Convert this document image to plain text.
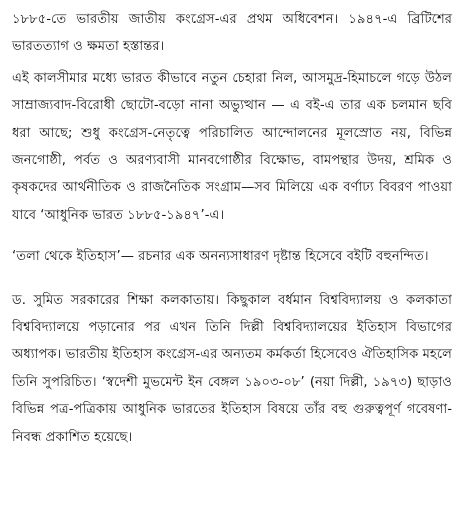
১৮৮৫-তে ভারতীয় জাতীয় কংগ্রেস-এর প্রথম অধিবেশন। ১৯৪৭-এ ব্রিটিশের ভারতত্যাগ ও ক্ষমতা হস্তান্তর।

এই কালসীমার মধ্যে ভারত কীভাবে নতুন চেহারা নিল, আসমুদ্র-হিমাচলে গড়ে উঠল সাম্রাজ্যবাদ-বিরোধী ছোটো-বড়ো নানা অভ্যুত্থান — এ বই-এ তার এক চলমান ছবি ধরা আছে; শুধু কংগ্রেস-নেতৃত্বে পরিচালিত আন্দোলনের মূলস্রোত নয়, বিভিন্ন জনগোষ্ঠী, পর্বত ও অরণ্যবাসী মানবগোষ্ঠীর বিক্ষোভ, বামপন্থার উদয়, শ্রমিক ও কৃষকদের আর্থনীতিক ও রাজনৈতিক সংগ্রাম—সব মিলিয়ে এক বর্ণাঢ্য বিবরণ পাওয়া যাবে ‘আধুনিক ভারত ১৮৮৫-১৯৪৭’-এ।

‘তলা থেকে ইতিহাস’— রচনার এক অনন্যসাধারণ দৃষ্টান্ত হিসেবে বইটি বহুনন্দিত।

ড. সুমিত সরকারের শিক্ষা কলকাতায়। কিছুকাল বর্ধমান বিশ্ববিদ্যালয় ও কলকাতা বিশ্ববিদ্যালয়ে পড়ানোর পর এখন তিনি দিল্লী বিশ্ববিদ্যালয়ের ইতিহাস বিভাগের অধ্যাপক। ভারতীয় ইতিহাস কংগ্রেস-এর অন্যতম কর্মকর্তা হিসেবেও ঐতিহাসিক মহলে তিনি সুপরিচিত। ‘স্বদেশী মুভমেন্ট ইন বেঙ্গল ১৯০৩-০৮’ (নয়া দিল্লী, ১৯৭৩) ছাড়াও বিভিন্ন পত্র-পত্রিকায় আধুনিক ভারতের ইতিহাস বিষয়ে তাঁর বহু গুরুত্বপূর্ণ গবেষণা-নিবন্ধ প্রকাশিত হয়েছে।
